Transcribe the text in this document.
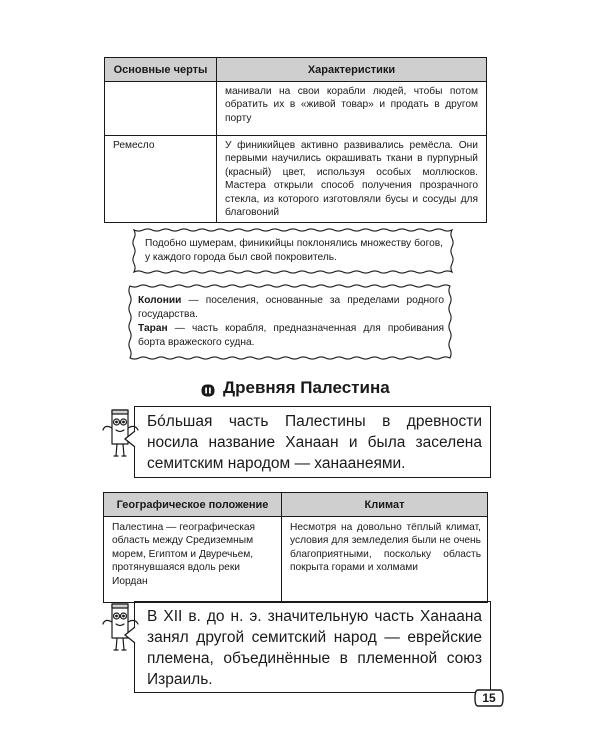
Основные черты	Характеристики
	манивали на свои корабли людей, чтобы потом обратить их в «живой товар» и продать в другом порту
Ремесло	У финикийцев активно развивались ремёсла. Они первыми научились окрашивать ткани в пурпурный (красный) цвет, используя особых моллюсков. Мастера открыли способ получения прозрачного стекла, из которого изготовляли бусы и сосуды для благовоний
Подобно шумерам, финикийцы поклонялись множеству богов, у каждого города был свой покровитель.
Колонии — поселения, основанные за пределами родного государства.
Таран — часть корабля, предназначенная для пробивания борта вражеского судна.
Древняя Палестина
Бóльшая часть Палестины в древности носила название Ханаан и была заселена семитским народом — ханаанеями.
Географическое положение	Климат
Палестина — географическая область между Средиземным морем, Египтом и Двуречьем, протянувшаяся вдоль реки Иордан	Несмотря на довольно тёплый климат, условия для земледелия были не очень благоприятными, поскольку область покрыта горами и холмами
В XII в. до н. э. значительную часть Ханаана занял другой семитский народ — еврейские племена, объединённые в племенной союз Израиль.
15
